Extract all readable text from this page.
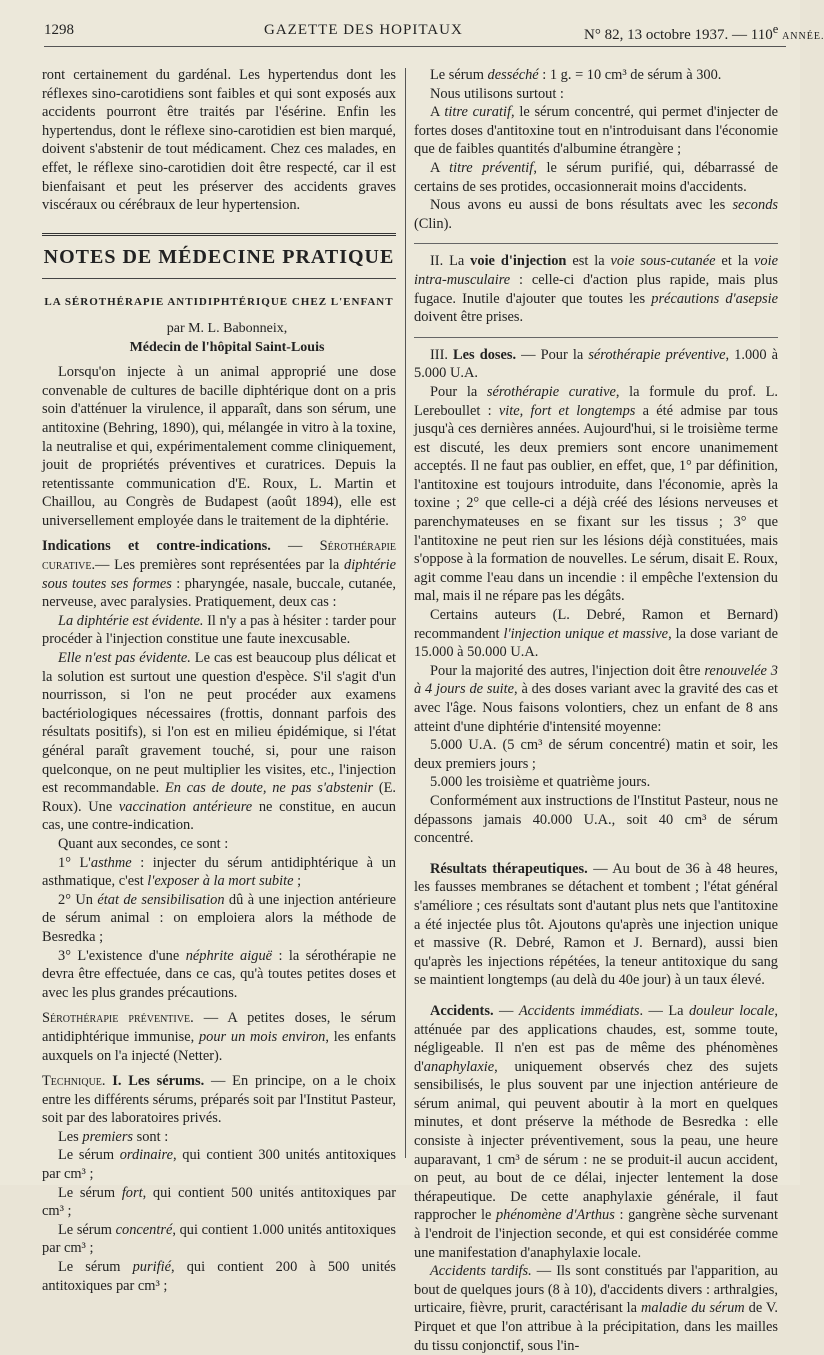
1298	GAZETTE DES HOPITAUX	N° 82, 13 octobre 1937. — 110e ANNÉE.

ront certainement du gardénal. Les hypertendus dont les réflexes sino-carotidiens sont faibles et qui sont exposés aux accidents pourront être traités par l'ésérine. Enfin les hypertendus, dont le réflexe sino-carotidien est bien marqué, doivent s'abstenir de tout médicament. Chez ces malades, en effet, le réflexe sino-carotidien doit être respecté, car il est bienfaisant et peut les préserver des accidents graves viscéraux ou cérébraux de leur hypertension.

NOTES DE MÉDECINE PRATIQUE
LA SÉROTHÉRAPIE ANTIDIPHTÉRIQUE CHEZ L'ENFANT

par M. L. Babonneix,

Médecin de l'hôpital Saint-Louis

Lorsqu'on injecte à un animal approprié une dose convenable de cultures de bacille diphtérique dont on a pris soin d'atténuer la virulence, il apparaît, dans son sérum, une antitoxine (Behring, 1890), qui, mélangée in vitro à la toxine, la neutralise et qui, expérimentalement comme cliniquement, jouit de propriétés préventives et curatrices. Depuis la retentissante communication d'E. Roux, L. Martin et Chaillou, au Congrès de Budapest (août 1894), elle est universellement employée dans le traitement de la diphtérie.

Indications et contre-indications. — Sérothérapie curative.— Les premières sont représentées par la diphtérie sous toutes ses formes : pharyngée, nasale, buccale, cutanée, nerveuse, avec paralysies. Pratiquement, deux cas :

La diphtérie est évidente. Il n'y a pas à hésiter : tarder pour procéder à l'injection constitue une faute inexcusable.

Elle n'est pas évidente. Le cas est beaucoup plus délicat et la solution est surtout une question d'espèce. S'il s'agit d'un nourrisson, si l'on ne peut procéder aux examens bactériologiques nécessaires (frottis, donnant parfois des résultats positifs), si l'on est en milieu épidémique, si l'état général paraît gravement touché, si, pour une raison quelconque, on ne peut multiplier les visites, etc., l'injection est recommandable. En cas de doute, ne pas s'abstenir (E. Roux). Une vaccination antérieure ne constitue, en aucun cas, une contre-indication.

Quant aux secondes, ce sont :

1° L'asthme : injecter du sérum antidiphtérique à un asthmatique, c'est l'exposer à la mort subite ;

2° Un état de sensibilisation dû à une injection antérieure de sérum animal : on emploiera alors la méthode de Besredka ;

3° L'existence d'une néphrite aiguë : la sérothérapie ne devra être effectuée, dans ce cas, qu'à toutes petites doses et avec les plus grandes précautions.

Sérothérapie préventive. — A petites doses, le sérum antidiphtérique immunise, pour un mois environ, les enfants auxquels on l'a injecté (Netter).

Technique. I. Les sérums. — En principe, on a le choix entre les différents sérums, préparés soit par l'Institut Pasteur, soit par des laboratoires privés.

Les premiers sont :

Le sérum ordinaire, qui contient 300 unités antitoxiques par cm³ ;

Le sérum fort, qui contient 500 unités antitoxiques par cm³ ;

Le sérum concentré, qui contient 1.000 unités antitoxiques par cm³ ;

Le sérum purifié, qui contient 200 à 500 unités antitoxiques par cm³ ;

Le sérum desséché : 1 g. = 10 cm³ de sérum à 300.

Nous utilisons surtout :

A titre curatif, le sérum concentré, qui permet d'injecter de fortes doses d'antitoxine tout en n'introduisant dans l'économie que de faibles quantités d'albumine étrangère ;

A titre préventif, le sérum purifié, qui, débarrassé de certains de ses protides, occasionnerait moins d'accidents.

Nous avons eu aussi de bons résultats avec les seconds (Clin).

II. La voie d'injection est la voie sous-cutanée et la voie intra-musculaire : celle-ci d'action plus rapide, mais plus fugace. Inutile d'ajouter que toutes les précautions d'asepsie doivent être prises.

III. Les doses. — Pour la sérothérapie préventive, 1.000 à 5.000 U.A.

Pour la sérothérapie curative, la formule du prof. L. Lereboullet : vite, fort et longtemps a été admise par tous jusqu'à ces dernières années. Aujourd'hui, si le troisième terme est discuté, les deux premiers sont encore unanimement acceptés. Il ne faut pas oublier, en effet, que, 1° par définition, l'antitoxine est toujours introduite, dans l'économie, après la toxine ; 2° que celle-ci a déjà créé des lésions nerveuses et parenchymateuses en se fixant sur les tissus ; 3° que l'antitoxine ne peut rien sur les lésions déjà constituées, mais s'oppose à la formation de nouvelles. Le sérum, disait E. Roux, agit comme l'eau dans un incendie : il empêche l'extension du mal, mais il ne répare pas les dégâts.

Certains auteurs (L. Debré, Ramon et Bernard) recommandent l'injection unique et massive, la dose variant de 15.000 à 50.000 U.A.

Pour la majorité des autres, l'injection doit être renouvelée 3 à 4 jours de suite, à des doses variant avec la gravité des cas et avec l'âge. Nous faisons volontiers, chez un enfant de 8 ans atteint d'une diphtérie d'intensité moyenne:

5.000 U.A. (5 cm³ de sérum concentré) matin et soir, les deux premiers jours ;

5.000 les troisième et quatrième jours.

Conformément aux instructions de l'Institut Pasteur, nous ne dépassons jamais 40.000 U.A., soit 40 cm³ de sérum concentré.

Résultats thérapeutiques. — Au bout de 36 à 48 heures, les fausses membranes se détachent et tombent ; l'état général s'améliore ; ces résultats sont d'autant plus nets que l'antitoxine a été injectée plus tôt. Ajoutons qu'après une injection unique et massive (R. Debré, Ramon et J. Bernard), aussi bien qu'après les injections répétées, la teneur antitoxique du sang se maintient longtemps (au delà du 40e jour) à un taux élevé.

Accidents. — Accidents immédiats. — La douleur locale, atténuée par des applications chaudes, est, somme toute, négligeable. Il n'en est pas de même des phénomènes d'anaphylaxie, uniquement observés chez des sujets sensibilisés, le plus souvent par une injection antérieure de sérum animal, qui peuvent aboutir à la mort en quelques minutes, et dont préserve la méthode de Besredka : elle consiste à injecter préventivement, sous la peau, une heure auparavant, 1 cm³ de sérum : ne se produit-il aucun accident, on peut, au bout de ce délai, injecter lentement la dose thérapeutique. De cette anaphylaxie générale, il faut rapprocher le phénomène d'Arthus : gangrène sèche survenant à l'endroit de l'injection seconde, et qui est considérée comme une manifestation d'anaphylaxie locale.

Accidents tardifs. — Ils sont constitués par l'apparition, au bout de quelques jours (8 à 10), d'accidents divers : arthralgies, urticaire, fièvre, prurit, caractérisant la maladie du sérum de V. Pirquet et que l'on attribue à la précipitation, dans les mailles du tissu conjonctif, sous l'in-
